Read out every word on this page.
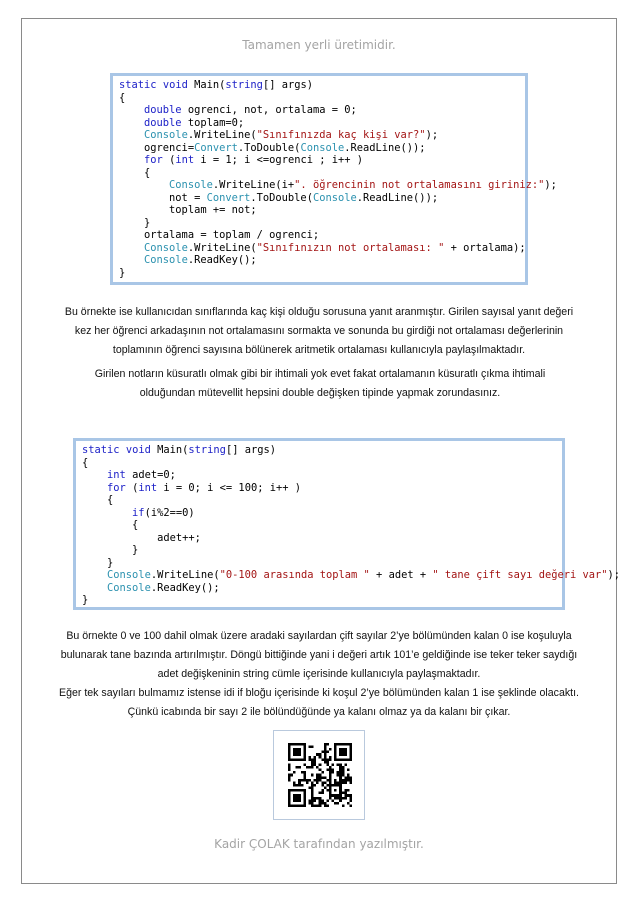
Tamamen yerli üretimidir.
static void Main(string[] args)
{
double ogrenci, not, ortalama = 0;
double toplam=0;
Console.WriteLine("Sınıfınızda kaç kişi var?");
ogrenci=Convert.ToDouble(Console.ReadLine());
for (int i = 1; i <=ogrenci ; i++ )
{
Console.WriteLine(i+". öğrencinin not ortalamasını giriniz:");
not = Convert.ToDouble(Console.ReadLine());
toplam += not;
}
ortalama = toplam / ogrenci;
Console.WriteLine("Sınıfınızın not ortalaması: " + ortalama);
Console.ReadKey();
}
Bu örnekte ise kullanıcıdan sınıflarında kaç kişi olduğu sorusuna yanıt aranmıştır. Girilen sayısal yanıt değeri kez her öğrenci arkadaşının not ortalamasını sormakta ve sonunda bu girdiği not ortalaması değerlerinin toplamının öğrenci sayısına bölünerek aritmetik ortalaması kullanıcıyla paylaşılmaktadır.
Girilen notların küsuratlı olmak gibi bir ihtimali yok evet fakat ortalamanın küsuratlı çıkma ihtimali olduğundan mütevellit hepsini double değişken tipinde yapmak zorundasınız.
static void Main(string[] args)
{
int adet=0;
for (int i = 0; i <= 100; i++ )
{
if(i%2==0)
{
adet++;
}
}
Console.WriteLine("0-100 arasında toplam " + adet + " tane çift sayı değeri var");
Console.ReadKey();
}
Bu örnekte 0 ve 100 dahil olmak üzere aradaki sayılardan çift sayılar 2’ye bölümünden kalan 0 ise koşuluyla bulunarak tane bazında artırılmıştır. Döngü bittiğinde yani i değeri artık 101’e geldiğinde ise teker teker saydığı adet değişkeninin string cümle içerisinde kullanıcıyla paylaşmaktadır.
Eğer tek sayıları bulmamız istense idi if bloğu içerisinde ki koşul 2’ye bölümünden kalan 1 ise şeklinde olacaktı. Çünkü icabında bir sayı 2 ile bölündüğünde ya kalanı olmaz ya da kalanı bir çıkar.
Kadir ÇOLAK tarafından yazılmıştır.
